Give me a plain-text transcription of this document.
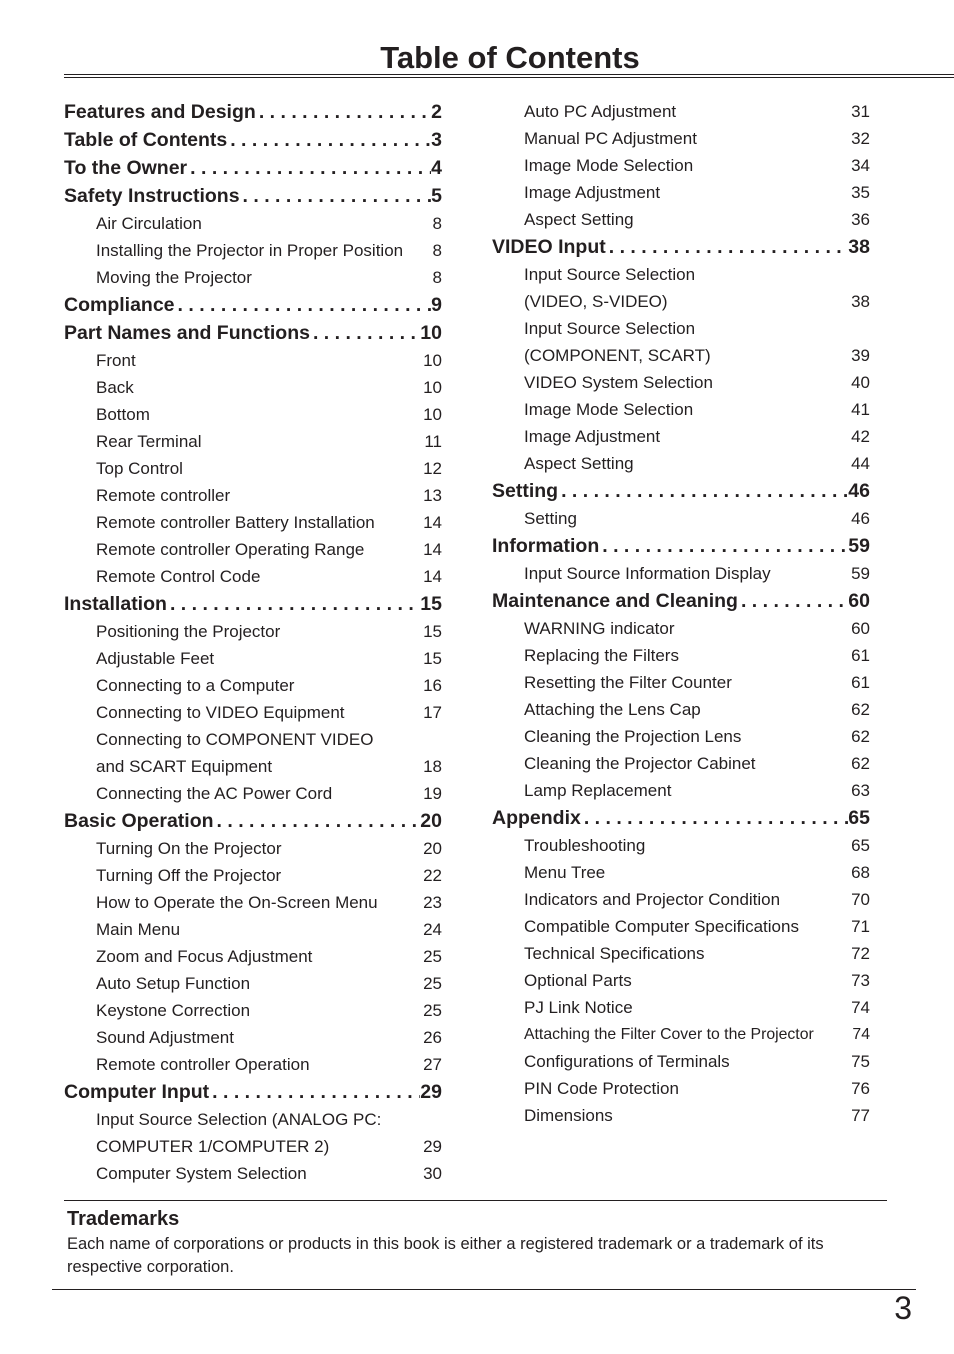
Table of Contents
Features and Design . . .	2
Table of Contents . . .	3
To the Owner . . .	4
Safety Instructions . . .	5
Air Circulation	8
Installing the Projector in Proper Position 8
Moving the Projector	8
Compliance . . .	9
Part Names and Functions . . .	10
Front	10
Back	10
Bottom	10
Rear Terminal	11
Top Control	12
Remote controller	13
Remote controller Battery Installation	14
Remote controller Operating Range	14
Remote Control Code	14
Installation . . .	15
Positioning the Projector	15
Adjustable Feet	15
Connecting to a Computer	16
Connecting to VIDEO Equipment	17
Connecting to COMPONENT VIDEO
and SCART Equipment	18
Connecting the AC Power Cord	19
Basic Operation . . .	20
Turning On the Projector	20
Turning Off the Projector	22
How to Operate the On-Screen Menu	23
Main Menu	24
Zoom and Focus Adjustment	25
Auto Setup Function	25
Keystone Correction	25
Sound Adjustment	26
Remote controller Operation	27
Computer Input . . .	29
Input Source Selection (ANALOG PC:
COMPUTER 1/COMPUTER 2)	29
Computer System Selection	30
Auto PC Adjustment	31
Manual PC Adjustment	32
Image Mode Selection	34
Image Adjustment	35
Aspect Setting	36
VIDEO Input . . .	38
Input Source Selection
(VIDEO, S-VIDEO)	38
Input Source Selection
(COMPONENT, SCART)	39
VIDEO System Selection	40
Image Mode Selection	41
Image Adjustment	42
Aspect Setting	44
Setting . . .	46
Setting	46
Information . . .	59
Input Source Information Display	59
Maintenance and Cleaning . . .	60
WARNING indicator	60
Replacing the Filters	61
Resetting the Filter Counter	61
Attaching the Lens Cap	62
Cleaning the Projection Lens	62
Cleaning the Projector Cabinet	62
Lamp Replacement	63
Appendix . . .	65
Troubleshooting	65
Menu Tree	68
Indicators and Projector Condition	70
Compatible Computer Specifications	71
Technical Specifications	72
Optional Parts	73
PJ Link Notice	74
Attaching the Filter Cover to the Projector 74
Configurations of Terminals	75
PIN Code Protection	76
Dimensions	77
Trademarks

Each name of corporations or products in this book is either a registered trademark or a trademark of its respective corporation.

3
